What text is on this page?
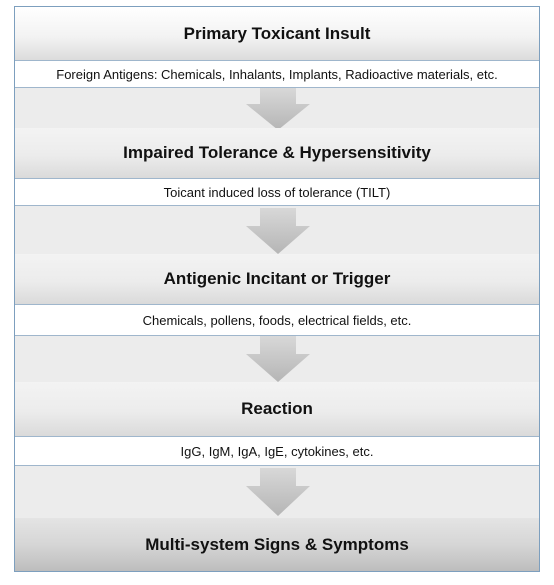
Primary Toxicant Insult
Foreign Antigens: Chemicals, Inhalants, Implants, Radioactive materials, etc.
Impaired Tolerance & Hypersensitivity
Toicant induced loss of tolerance (TILT)
Antigenic Incitant or Trigger
Chemicals, pollens, foods, electrical fields, etc.
Reaction
IgG, IgM, IgA, IgE, cytokines, etc.
Multi-system Signs & Symptoms
